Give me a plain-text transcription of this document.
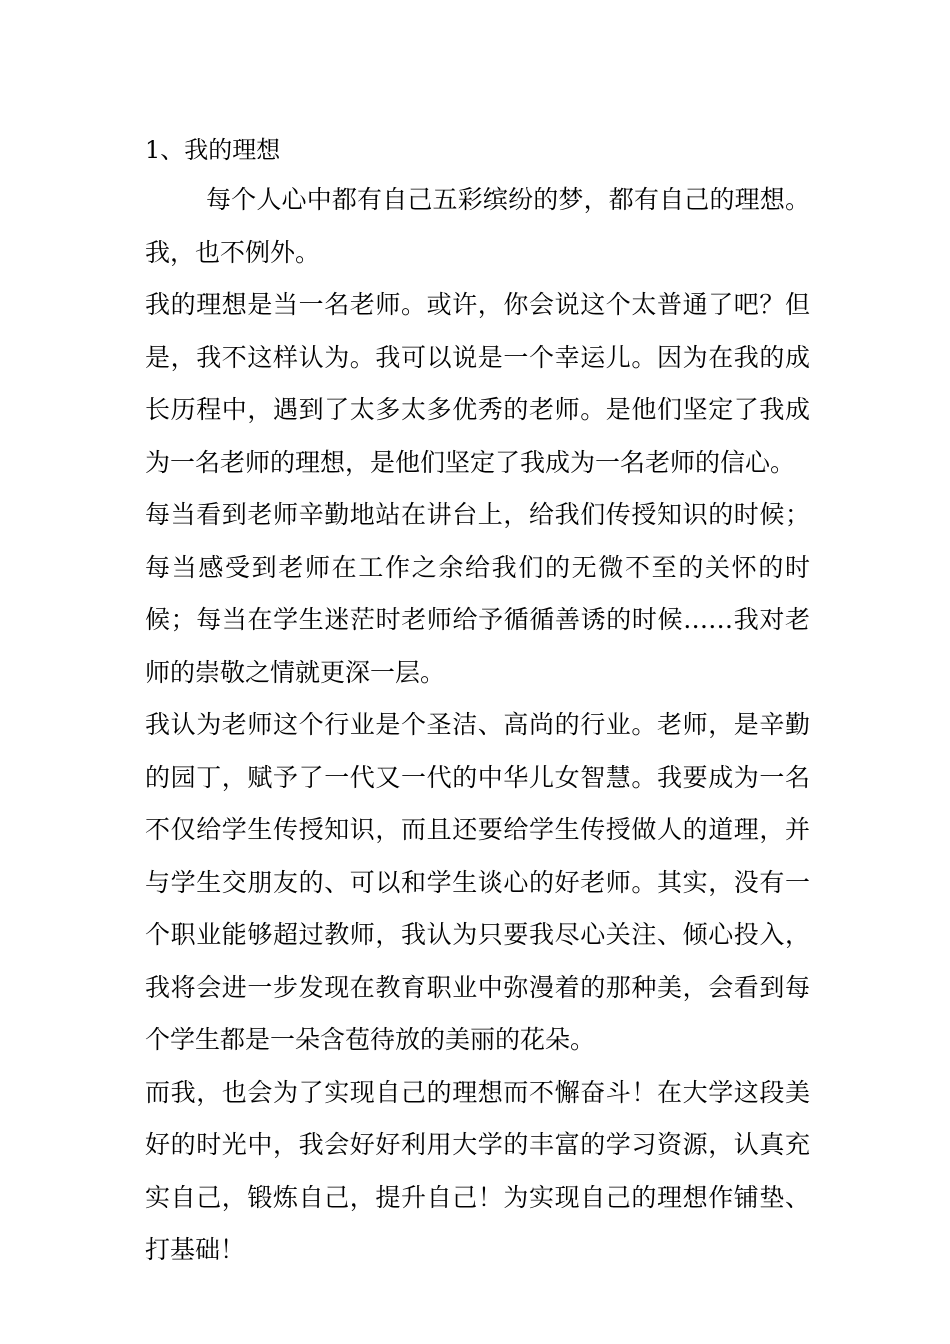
1、我的理想

每个人心中都有自己五彩缤纷的梦，都有自己的理想。我，也不例外。

我的理想是当一名老师。或许，你会说这个太普通了吧？但是，我不这样认为。我可以说是一个幸运儿。因为在我的成长历程中，遇到了太多太多优秀的老师。是他们坚定了我成为一名老师的理想，是他们坚定了我成为一名老师的信心。

每当看到老师辛勤地站在讲台上，给我们传授知识的时候；每当感受到老师在工作之余给我们的无微不至的关怀的时候；每当在学生迷茫时老师给予循循善诱的时候……我对老师的崇敬之情就更深一层。

我认为老师这个行业是个圣洁、高尚的行业。老师，是辛勤的园丁，赋予了一代又一代的中华儿女智慧。我要成为一名不仅给学生传授知识，而且还要给学生传授做人的道理，并与学生交朋友的、可以和学生谈心的好老师。其实，没有一个职业能够超过教师，我认为只要我尽心关注、倾心投入，我将会进一步发现在教育职业中弥漫着的那种美，会看到每个学生都是一朵含苞待放的美丽的花朵。

而我，也会为了实现自己的理想而不懈奋斗！在大学这段美好的时光中，我会好好利用大学的丰富的学习资源，认真充实自己，锻炼自己，提升自己！为实现自己的理想作铺垫、打基础！
